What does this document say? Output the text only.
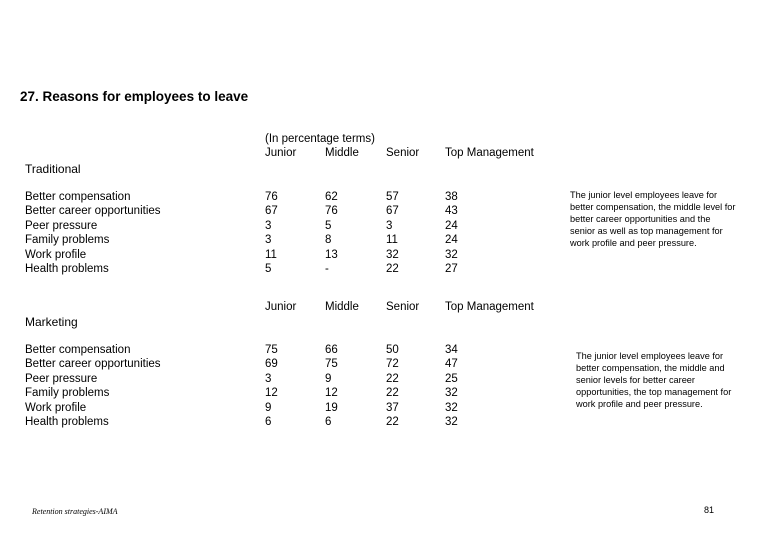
27. Reasons for employees to leave
(In percentage terms)
Junior Middle Senior Top Management
Traditional
Better compensation
Better career opportunities
Peer pressure
Family problems
Work profile
Health problems
76
67
3
3
11
5
62
76
5
8
13
-
57
67
3
11
32
22
38
43
24
24
32
27
The junior level employees leave for
better compensation, the middle level for
better career opportunities and the
senior as well as top management for
work profile and peer pressure.
Junior Middle Senior Top Management
Marketing
Better compensation
Better career opportunities
Peer pressure
Family problems
Work profile
Health problems
75
69
3
12
9
6
66
75
9
12
19
6
50
72
22
22
37
22
34
47
25
32
32
32
The junior level employees leave for
better compensation, the middle and
senior levels for better career
opportunities, the top management for
work profile and peer pressure.
Retention strategies-AIMA	81
